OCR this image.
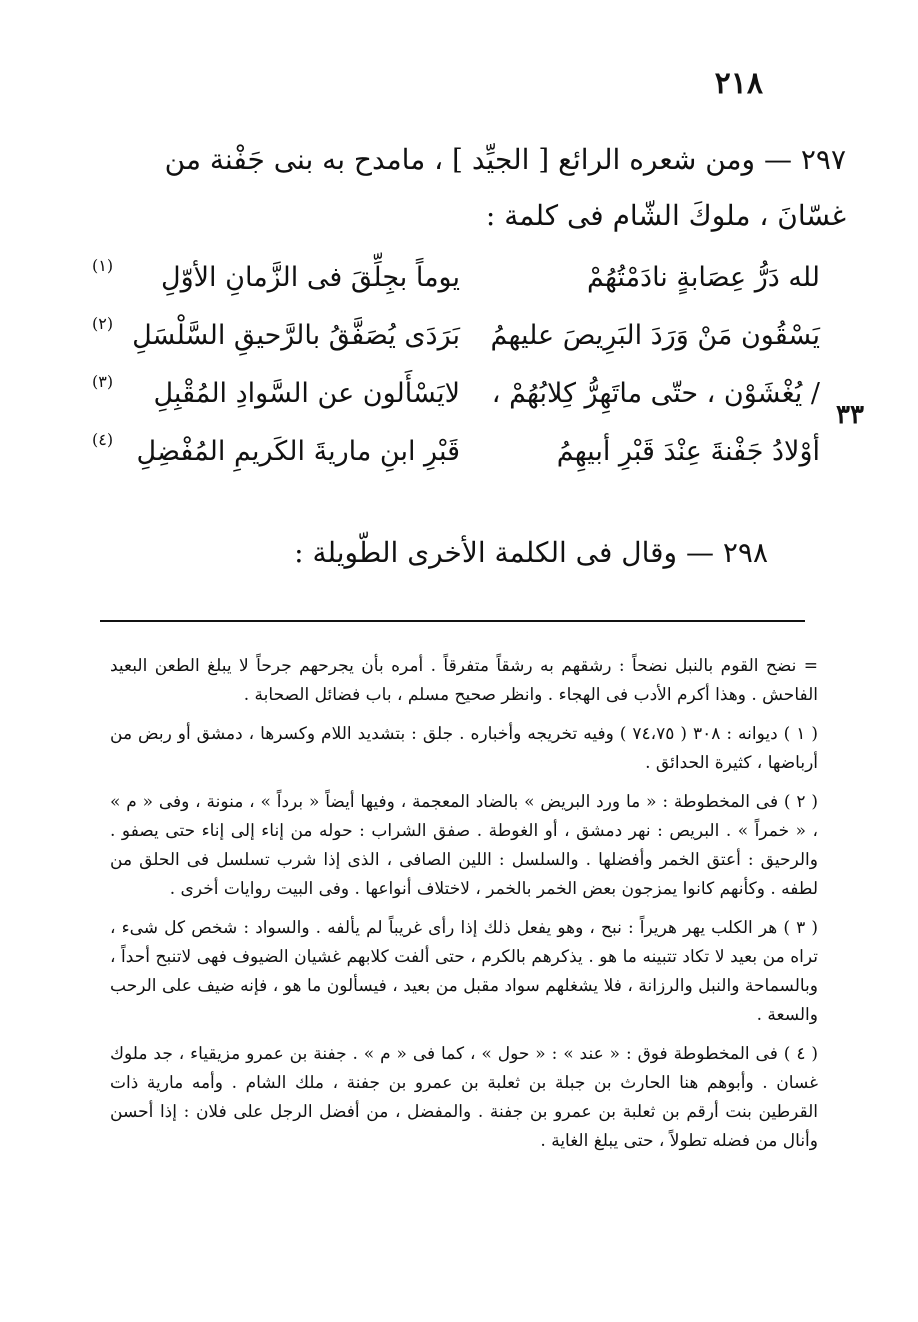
٢١٨

٢٩٧ — ومن شعره الرائع [ الجيِّد ] ، مامدح به بنى جَفْنة من

غسّانَ ، ملوكَ الشّام فى كلمة :

لله دَرُّ عِصَابةٍ نادَمْتُهُمْ
يوماً بجِلِّقَ فى الزَّمانِ الأوّلِ
(١)
يَسْقُون مَنْ وَرَدَ البَرِيصَ عليهمُ
بَرَدَى يُصَفَّقُ بالرَّحيقِ السَّلْسَلِ
(٢)
/ يُغْشَوْن ، حتّى ماتَهِرُّ كِلابُهُمْ ،
لايَسْأَلون عن السَّوادِ المُقْبِلِ
(٣)
أوْلادُ جَفْنةَ عِنْدَ قَبْرِ أبيهِمُ
قَبْرِ ابنِ ماريةَ الكَريمِ المُفْضِلِ
(٤)
٣٣
٢٩٨ — وقال فى الكلمة الأخرى الطّويلة :

= نضح القوم بالنبل نضحاً : رشقهم به رشقاً متفرقاً . أمره بأن يجرحهم جرحاً لا يبلغ الطعن البعيد الفاحش . وهذا أكرم الأدب فى الهجاء . وانظر صحيح مسلم ، باب فضائل الصحابة .

( ١ ) ديوانه : ٣٠٨ ( ٧٤،٧٥ ) وفيه تخريجه وأخباره . جلق : بتشديد اللام وكسرها ، دمشق أو ربض من أرباضها ، كثيرة الحدائق .

( ٢ ) فى المخطوطة : « ما ورد البريض » بالضاد المعجمة ، وفيها أيضاً « برداً » ، منونة ، وفى « م » ، « خمراً » . البريص : نهر دمشق ، أو الغوطة . صفق الشراب : حوله من إناء إلى إناء حتى يصفو . والرحيق : أعتق الخمر وأفضلها . والسلسل : اللين الصافى ، الذى إذا شرب تسلسل فى الحلق من لطفه . وكأنهم كانوا يمزجون بعض الخمر بالخمر ، لاختلاف أنواعها . وفى البيت روايات أخرى .

( ٣ ) هر الكلب يهر هريراً : نبح ، وهو يفعل ذلك إذا رأى غريباً لم يألفه . والسواد : شخص كل شىء ، تراه من بعيد لا تكاد تتبينه ما هو . يذكرهم بالكرم ، حتى ألفت كلابهم غشيان الضيوف فهى لاتنبح أحداً ، وبالسماحة والنبل والرزانة ، فلا يشغلهم سواد مقبل من بعيد ، فيسألون ما هو ، فإنه ضيف على الرحب والسعة .

( ٤ ) فى المخطوطة فوق : « عند » : « حول » ، كما فى « م » . جفنة بن عمرو مزيقياء ، جد ملوك غسان . وأبوهم هنا الحارث بن جبلة بن ثعلبة بن عمرو بن جفنة ، ملك الشام . وأمه مارية ذات القرطين بنت أرقم بن ثعلبة بن عمرو بن جفنة . والمفضل ، من أفضل الرجل على فلان : إذا أحسن وأنال من فضله تطولاً ، حتى يبلغ الغاية .
